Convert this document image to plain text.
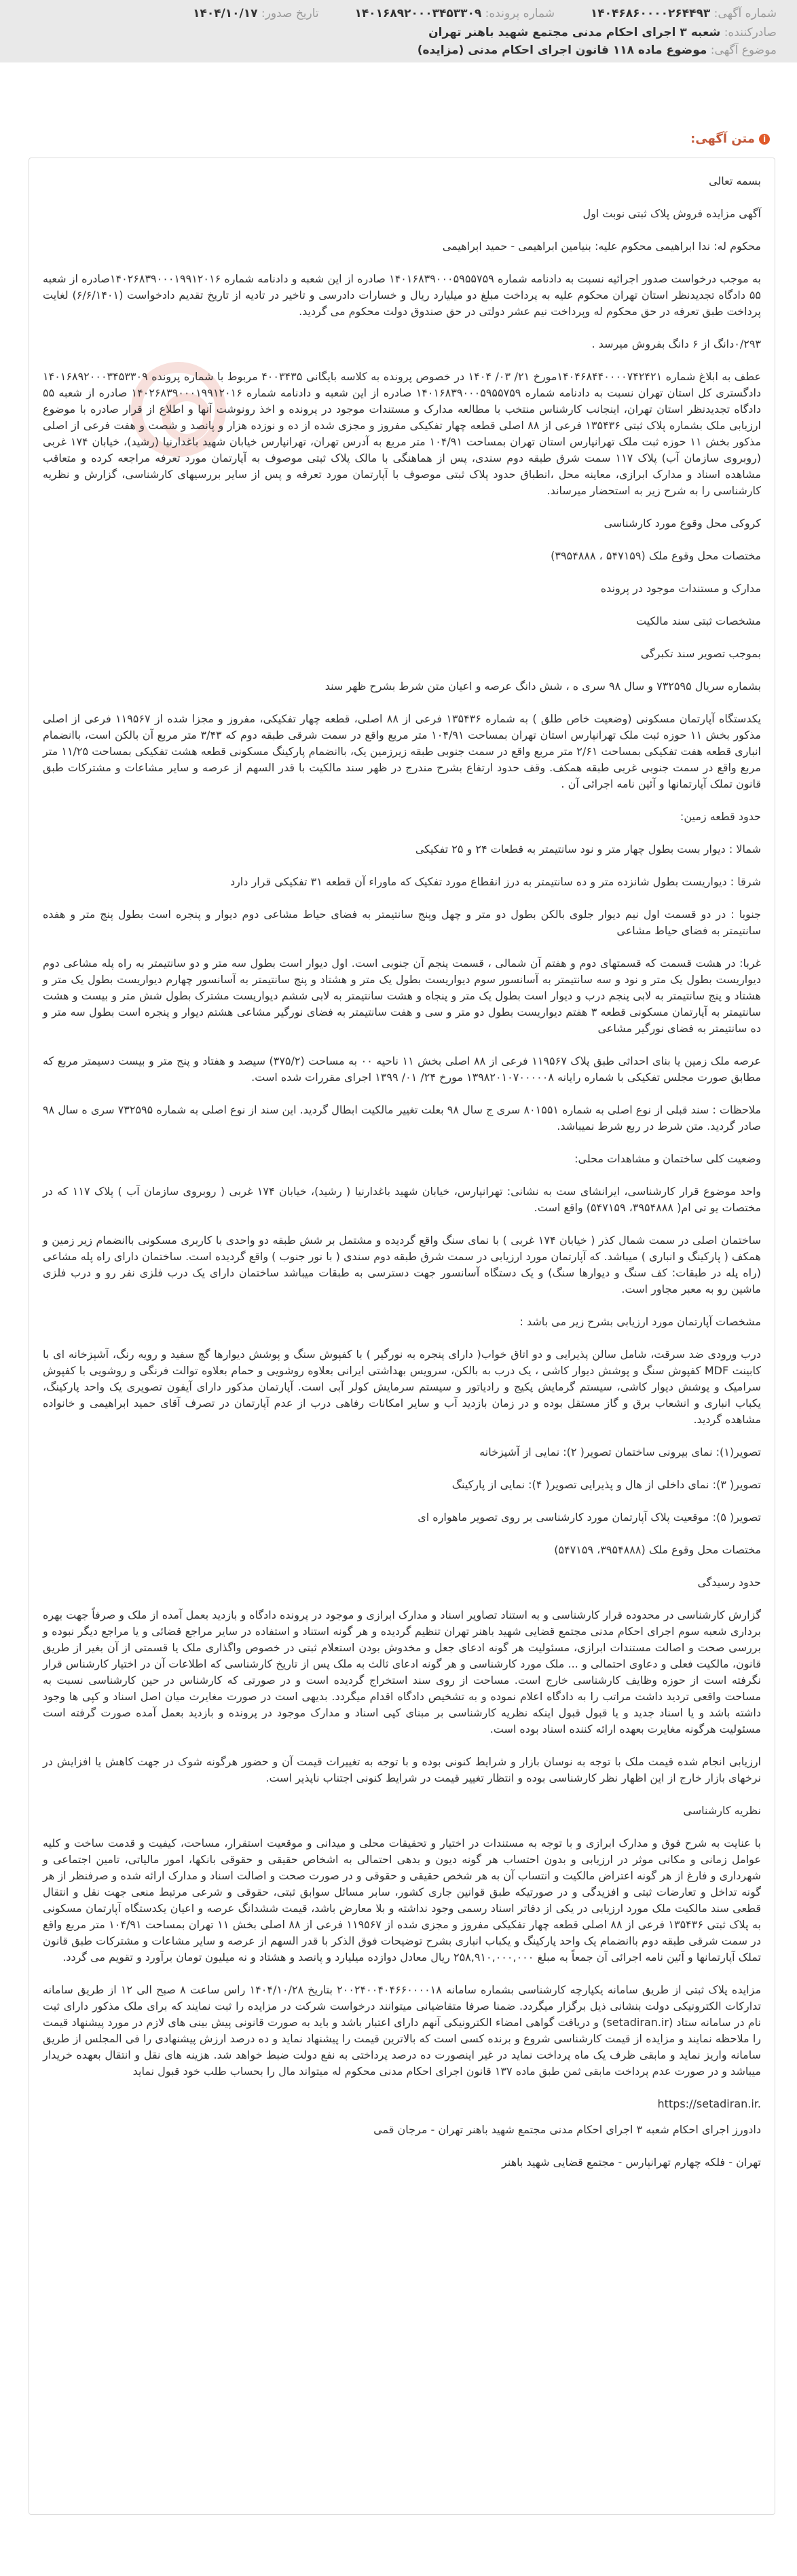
شماره آگهی: ۱۴۰۴۶۸۶۰۰۰۰۲۶۴۴۹۳  شماره پرونده: ۱۴۰۱۶۸۹۲۰۰۰۳۴۵۳۳۰۹  تاریخ صدور: ۱۴۰۴/۱۰/۱۷
صادرکننده: شعبه ۳ اجرای احکام مدنی مجتمع شهید باهنر تهران
موضوع آگهی: موضوع ماده ۱۱۸ قانون اجرای احکام مدنی (مزایده)
iمتن آگهی:

بسمه تعالی

آگهی مزایده فروش پلاک ثبتی نوبت اول

محکوم له: ندا ابراهیمی محکوم علیه: بنیامین ابراهیمی - حمید ابراهیمی

به موجب درخواست صدور اجرائیه نسبت به دادنامه شماره ۱۴۰۱۶۸۳۹۰۰۰۵۹۵۵۷۵۹ صادره از این شعبه و دادنامه شماره ۱۴۰۲۶۸۳۹۰۰۰۱۹۹۱۲۰۱۶صادره از شعبه ۵۵ دادگاه تجدیدنظر استان تهران محکوم علیه به پرداخت مبلغ دو میلیارد ریال و خسارات دادرسی و تاخیر در تادیه از تاریخ تقدیم دادخواست (۶/۶/۱۴۰۱) لغایت پرداخت طبق تعرفه در حق محکوم له وپرداخت نیم عشر دولتی در حق صندوق دولت محکوم می گردید.

۰/۲۹۳دانگ از ۶ دانگ بفروش میرسد .

عطف به ابلاغ شماره ۱۴۰۴۶۸۴۴۰۰۰۰۷۴۲۴۲۱مورخ ۲۱/ ۰۳/ ۱۴۰۴ در خصوص پرونده به کلاسه بایگانی ۴۰۰۳۴۳۵ مربوط با شماره پرونده ۱۴۰۱۶۸۹۲۰۰۰۳۴۵۳۳۰۹ دادگستری کل استان تهران نسبت به دادنامه شماره ۱۴۰۱۶۸۳۹۰۰۰۵۹۵۵۷۵۹ صادره از این شعبه و دادنامه شماره ۱۴۰۲۶۸۳۹۰۰۰۱۹۹۱۲۰۱۶ صادره از شعبه ۵۵ دادگاه تجدیدنظر استان تهران، اینجانب کارشناس منتخب با مطالعه مدارک و مستندات موجود در پرونده و اخذ رونوشت آنها و اطلاع از قرار صادره با موضوع ارزیابی ملک بشماره پلاک ثبتی ۱۳۵۴۳۶ فرعی از ۸۸ اصلی قطعه چهار تفکیکی مفروز و مجزی شده از ده و نوزده هزار و پانصد و شصت و هفت فرعی از اصلی مذکور بخش ۱۱ حوزه ثبت ملک تهرانپارس استان تهران بمساحت ۱۰۴/۹۱ متر مربع به آدرس تهران، تهرانپارس خیابان شهید باغدارنیا (رشید)، خیابان ۱۷۴ غربی (روبروی سازمان آب) پلاک ۱۱۷ سمت شرق طبقه دوم سندی، پس از هماهنگی با مالک پلاک ثبتی موصوف به آپارتمان مورد تعرفه مراجعه کرده و متعاقب مشاهده اسناد و مدارک ابرازی، معاینه محل ،انطباق حدود پلاک ثبتی موصوف با آپارتمان مورد تعرفه و پس از سایر بررسیهای کارشناسی، گزارش و نظریه کارشناسی را به شرح زیر به استحضار میرساند.

کروکی محل وقوع مورد کارشناسی

مختصات محل وقوع ملک (۵۴۷۱۵۹ ، ۳۹۵۴۸۸۸)

مدارک و مستندات موجود در پرونده

مشخصات ثبتی سند مالکیت

بموجب تصویر سند تکبرگی

بشماره سریال ۷۳۲۵۹۵ و سال ۹۸ سری ه ، شش دانگ عرصه و اعیان متن شرط بشرح ظهر سند

یکدستگاه آپارتمان مسکونی (وضعیت خاص طلق ) به شماره ۱۳۵۴۳۶ فرعی از ۸۸ اصلی، قطعه چهار تفکیکی، مفروز و مجزا شده از ۱۱۹۵۶۷ فرعی از اصلی مذکور بخش ۱۱ حوزه ثبت ملک تهرانپارس استان تهران بمساحت ۱۰۴/۹۱ متر مربع واقع در سمت شرقی طبقه دوم که ۳/۴۳ متر مربع آن بالکن است، باانضمام انباری قطعه هفت تفکیکی بمساحت ۲/۶۱ متر مربع واقع در سمت جنوبی طبقه زیرزمین یک، باانضمام پارکینگ مسکونی قطعه هشت تفکیکی بمساحت ۱۱/۲۵ متر مربع واقع در سمت جنوبی غربی طبقه همکف. وقف حدود ارتفاع بشرح مندرج در ظهر سند مالکیت با قدر السهم از عرصه و سایر مشاعات و مشترکات طبق قانون تملک آپارتمانها و آئین نامه اجرائی آن .

حدود قطعه زمین:

شمالا : دیوار بست بطول چهار متر و نود سانتیمتر به قطعات ۲۴ و ۲۵ تفکیکی

شرقا : دیواریست بطول شانزده متر و ده سانتیمتر به درز انقطاع مورد تفکیک که ماوراء آن قطعه ۳۱ تفکیکی قرار دارد

جنوبا : در دو قسمت اول نیم دیوار جلوی بالکن بطول دو متر و چهل وپنج سانتیمتر به فضای حیاط مشاعی دوم دیوار و پنجره است بطول پنج متر و هفده سانتیمتر به فضای حیاط مشاعی

غربا: در هشت قسمت که قسمتهای دوم و هفتم آن شمالی ، قسمت پنجم آن جنوبی است. اول دیوار است بطول سه متر و دو سانتیمتر به راه پله مشاعی دوم دیواریست بطول یک متر و نود و سه سانتیمتر به آسانسور سوم دیواریست بطول یک متر و هشتاد و پنج سانتیمتر به آسانسور چهارم دیواریست بطول یک متر و هشتاد و پنج سانتیمتر به لابی پنجم درب و دیوار است بطول یک متر و پنجاه و هشت سانتیمتر به لابی ششم دیواریست مشترک بطول شش متر و بیست و هشت سانتیمتر به آپارتمان مسکونی قطعه ۳ هفتم دیواریست بطول دو متر و سی و هفت سانتیمتر به فضای نورگیر مشاعی هشتم دیوار و پنجره است بطول سه متر و ده سانتیمتر به فضای نورگیر مشاعی

عرصه ملک زمین یا بنای احداثی طبق پلاک ۱۱۹۵۶۷ فرعی از ۸۸ اصلی بخش ۱۱ ناحیه ۰۰ به مساحت (۳۷۵/۲) سیصد و هفتاد و پنج متر و بیست دسیمتر مربع که مطابق صورت مجلس تفکیکی با شماره رایانه ۱۳۹۸۲۰۱۰۷۰۰۰۰۰۸ مورخ ۲۴/ ۰۱/ ۱۳۹۹ اجرای مقررات شده است.

ملاحظات : سند قبلی از نوع اصلی به شماره ۸۰۱۵۵۱ سری ج سال ۹۸ بعلت تغییر مالکیت ابطال گردید. این سند از نوع اصلی به شماره ۷۳۲۵۹۵ سری ه سال ۹۸ صادر گردید. متن شرط در ربع شرط نمیباشد.

وضعیت کلی ساختمان و مشاهدات محلی:

واحد موضوع قرار کارشناسی، ایرانشای ست به نشانی: تهرانپارس، خیابان شهید باغدارنیا ( رشید)، خیابان ۱۷۴ غربی ( روبروی سازمان آب ) پلاک ۱۱۷ که در مختصات یو تی ام( ۳۹۵۴۸۸۸، ۵۴۷۱۵۹) واقع است.

ساختمان اصلی در سمت شمال کذر ( خیابان ۱۷۴ غربی ) با نمای سنگ واقع گردیده و مشتمل بر شش طبقه دو واحدی با کاربری مسکونی باانضمام زیر زمین و همکف ( پارکینگ و انباری ) میباشد. که آپارتمان مورد ارزیابی در سمت شرق طبقه دوم سندی ( با نور جنوب ) واقع گردیده است. ساختمان دارای راه پله مشاعی (راه پله در طبقات: کف سنگ و دیوارها سنگ) و یک دستگاه آسانسور جهت دسترسی به طبقات میباشد ساختمان دارای یک درب فلزی نفر رو و درب فلزی ماشین رو به معبر مجاور است.

مشخصات آپارتمان مورد ارزیابی بشرح زیر می باشد :

درب ورودی ضد سرقت، شامل سالن پذیرایی و دو اتاق خواب( دارای پنجره به نورگیر ) با کفپوش سنگ و پوشش دیوارها گچ سفید و رویه رنگ، آشپزخانه ای با کابینت MDF کفپوش سنگ و پوشش دیوار کاشی ، یک درب به بالکن، سرویس بهداشتی ایرانی بعلاوه روشویی و حمام بعلاوه توالت فرنگی و روشویی با کفپوش سرامیک و پوشش دیوار کاشی، سیستم گرمایش پکیج و رادیاتور و سیستم سرمایش کولر آبی است. آپارتمان مذکور دارای آیفون تصویری یک واحد پارکینگ، یکباب انباری و انشعاب برق و گاز مستقل بوده و در زمان بازدید آب و سایر امکانات رفاهی درب از عدم آپارتمان در تصرف آقای حمید ابراهیمی و خانواده مشاهده گردید.

تصویر(۱): نمای بیرونی ساختمان تصویر( ۲): نمایی از آشپزخانه

تصویر( ۳): نمای داخلی از هال و پذیرایی تصویر( ۴): نمایی از پارکینگ

تصویر( ۵): موقعیت پلاک آپارتمان مورد کارشناسی بر روی تصویر ماهواره ای

مختصات محل وقوع ملک (۳۹۵۴۸۸۸، ۵۴۷۱۵۹)

حدود رسیدگی

گزارش کارشناسی در محدوده قرار کارشناسی و به استناد تصاویر اسناد و مدارک ابرازی و موجود در پرونده دادگاه و بازدید بعمل آمده از ملک و صرفاً جهت بهره برداری شعبه سوم اجرای احکام مدنی مجتمع قضایی شهید باهنر تهران تنظیم گردیده و هر گونه استناد و استفاده در سایر مراجع قضائی و یا مراجع دیگر نبوده و بررسی صحت و اصالت مستندات ابرازی، مسئولیت هر گونه ادعای جعل و مخدوش بودن استعلام ثبتی در خصوص واگذاری ملک یا قسمتی از آن بغیر از طریق قانون، مالکیت فعلی و دعاوی احتمالی و ... ملک مورد کارشناسی و هر گونه ادعای ثالث به ملک پس از تاریخ کارشناسی که اطلاعات آن در اختیار کارشناس قرار نگرفته است از حوزه وظایف کارشناسی خارج است. مساحت از روی سند استخراج گردیده است و در صورتی که کارشناس در حین کارشناسی نسبت به مساحت واقعی تردید داشت مراتب را به دادگاه اعلام نموده و به تشخیص دادگاه اقدام میگردد. بدیهی است در صورت مغایرت میان اصل اسناد و کپی ها وجود داشته باشد و یا اسناد جدید و یا قبول قبول اینکه نظریه کارشناسی بر مبنای کپی اسناد و مدارک موجود در پرونده و بازدید بعمل آمده صورت گرفته است مسئولیت هرگونه مغایرت بعهده ارائه کننده اسناد بوده است.

ارزیابی انجام شده قیمت ملک با توجه به نوسان بازار و شرایط کنونی بوده و با توجه به تغییرات قیمت آن و حضور هرگونه شوک در جهت کاهش یا افزایش در نرخهای بازار خارج از این اظهار نظر کارشناسی بوده و انتظار تغییر قیمت در شرایط کنونی اجتناب ناپذیر است.

نظریه کارشناسی

با عنایت به شرح فوق و مدارک ابرازی و با توجه به مستندات در اختیار و تحقیقات محلی و میدانی و موقعیت استقرار، مساحت، کیفیت و قدمت ساخت و کلیه عوامل زمانی و مکانی موثر در ارزیابی و بدون احتساب هر گونه دیون و بدهی احتمالی به اشخاص حقیقی و حقوقی بانکها، امور مالیاتی، تامین اجتماعی و شهرداری و فارغ از هر گونه اعتراض مالکیت و انتساب آن به هر شخص حقیقی و حقوقی و در صورت صحت و اصالت اسناد و مدارک ارائه شده و صرفنظر از هر گونه تداخل و تعارضات ثبتی و افزیدگی و در صورتیکه طبق قوانین جاری کشور، سابر مسائل سوابق ثبتی، حقوقی و شرعی مرتبط منعی جهت نقل و انتقال قطعی سند مالکیت ملک مورد ارزیابی در یکی از دفاتر اسناد رسمی وجود نداشته و بلا معارض باشد، قیمت ششدانگ عرصه و اعیان یکدستگاه آپارتمان مسکونی به پلاک ثبتی ۱۳۵۴۳۶ فرعی از ۸۸ اصلی قطعه چهار تفکیکی مفروز و مجزی شده از ۱۱۹۵۶۷ فرعی از ۸۸ اصلی بخش ۱۱ تهران بمساحت ۱۰۴/۹۱ متر مربع واقع در سمت شرقی طبقه دوم باانضمام یک واحد پارکینگ و یکباب انباری بشرح توضیحات فوق الذکر با قدر السهم از عرصه و سایر مشاعات و مشترکات طبق قانون تملک آپارتمانها و آئین نامه اجرائی آن جمعاً به مبلغ ۲۵۸,۹۱۰,۰۰۰,۰۰۰ ریال معادل دوازده میلیارد و پانصد و هشتاد و نه میلیون تومان برآورد و تقویم می گردد.

مزایده پلاک ثبتی از طریق سامانه یکپارچه کارشناسی بشماره سامانه ۲۰۰۲۴۰۰۴۰۴۶۶۰۰۰۰۱۸ بتاریخ ۱۴۰۴/۱۰/۲۸ راس ساعت ۸ صبح الی ۱۲ از طریق سامانه تدارکات الکترونیکی دولت بنشانی ذیل برگزار میگردد. ضمنا صرفا متقاضیانی میتوانند درخواست شرکت در مزایده را ثبت نمایند که برای ملک مذکور دارای ثبت نام در سامانه ستاد (setadiran.ir) و دریافت گواهی امضاء الکترونیکی آنهم دارای اعتبار باشد و باید به صورت قانونی پیش بینی های لازم در مورد پیشنهاد قیمت را ملاحظه نمایند و مزایده از قیمت کارشناسی شروع و برنده کسی است که بالاترین قیمت را پیشنهاد نماید و ده درصد ارزش پیشنهادی را فی المجلس از طریق سامانه واریز نماید و مابقی ظرف یک ماه پرداخت نماید در غیر اینصورت ده درصد پرداختی به نفع دولت ضبط خواهد شد. هزینه های نقل و انتقال بعهده خریدار میباشد و در صورت عدم پرداخت مابقی ثمن طبق ماده ۱۳۷ قانون اجرای احکام مدنی محکوم له میتواند مال را بحساب طلب خود قبول نماید

https://setadiran.ir.

دادورز اجرای احکام شعبه ۳ اجرای احکام مدنی مجتمع شهید باهنر تهران - مرجان قمی

تهران - فلکه چهارم تهرانپارس - مجتمع قضایی شهید باهنر
